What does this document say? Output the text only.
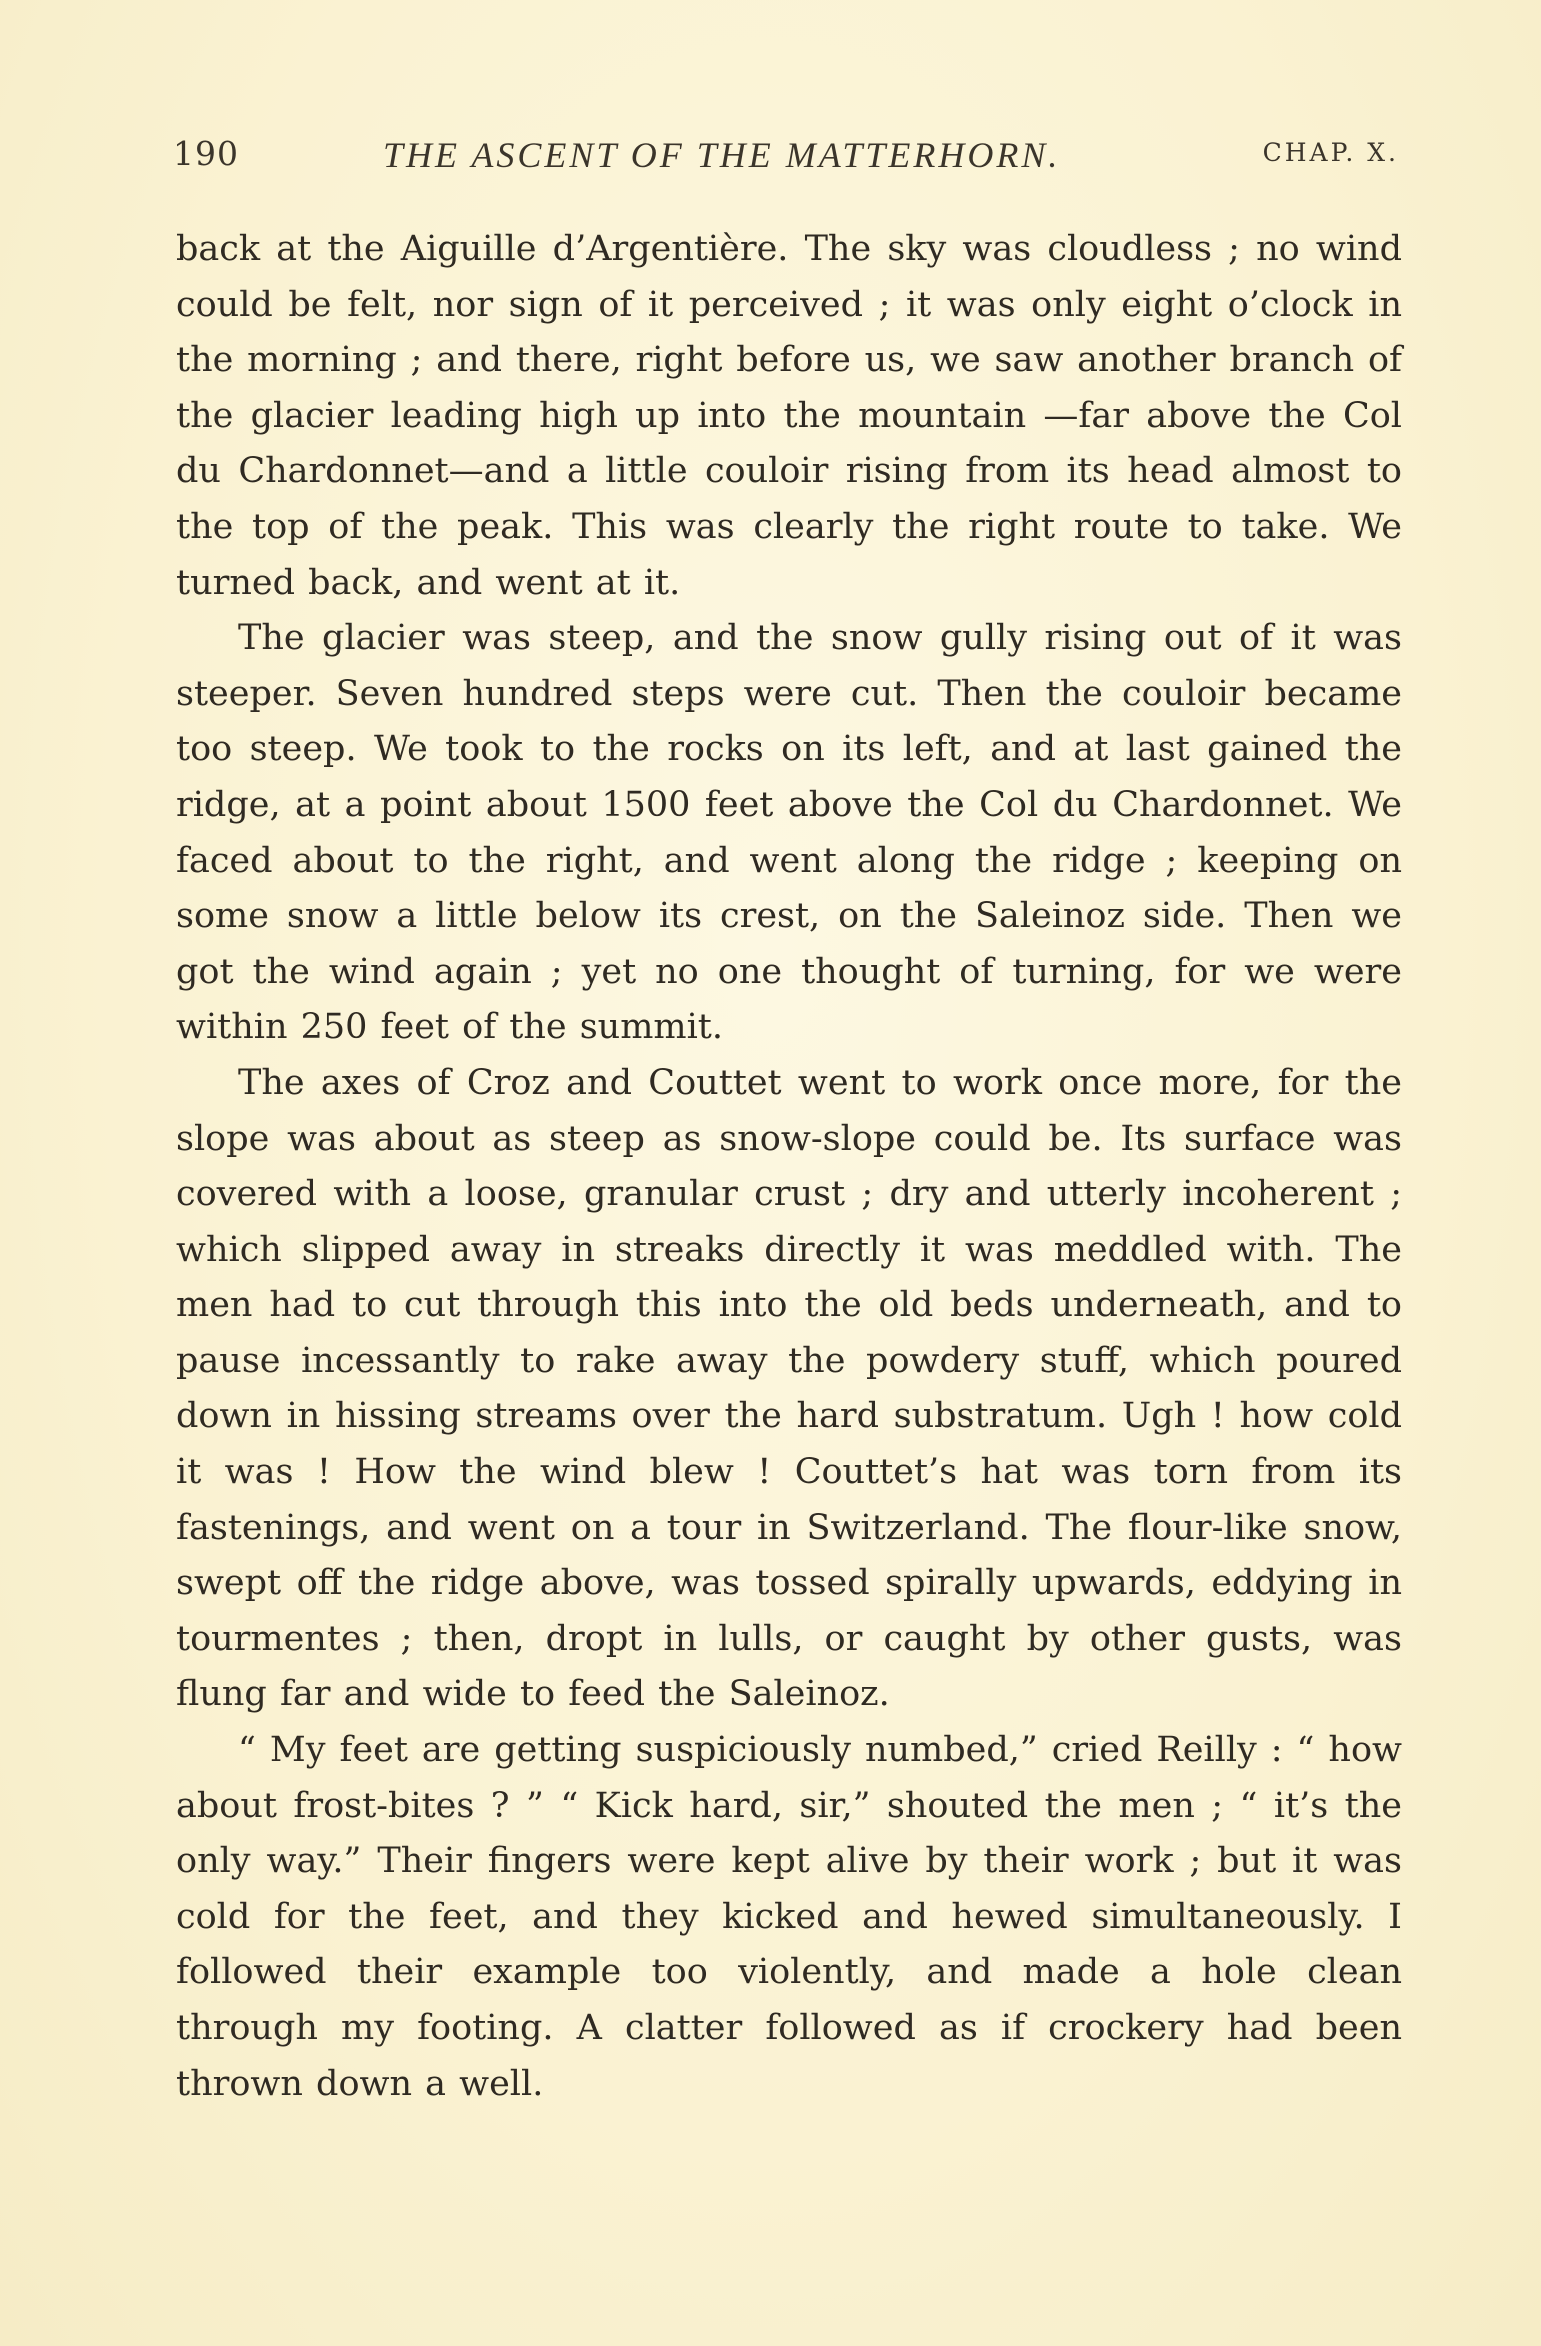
190	THE ASCENT OF THE MATTERHORN.	CHAP. X.

back at the Aiguille d’Argentière. The sky was cloudless ; no wind could be felt, nor sign of it perceived ; it was only eight o’clock in the morning ; and there, right before us, we saw another branch of the glacier leading high up into the mountain —far above the Col du Chardonnet—and a little couloir rising from its head almost to the top of the peak. This was clearly the right route to take. We turned back, and went at it.

The glacier was steep, and the snow gully rising out of it was steeper. Seven hundred steps were cut. Then the couloir became too steep. We took to the rocks on its left, and at last gained the ridge, at a point about 1500 feet above the Col du Chardonnet. We faced about to the right, and went along the ridge ; keeping on some snow a little below its crest, on the Saleinoz side. Then we got the wind again ; yet no one thought of turning, for we were within 250 feet of the summit.

The axes of Croz and Couttet went to work once more, for the slope was about as steep as snow-slope could be. Its surface was covered with a loose, granular crust ; dry and utterly incoherent ; which slipped away in streaks directly it was meddled with. The men had to cut through this into the old beds underneath, and to pause incessantly to rake away the powdery stuff, which poured down in hissing streams over the hard substratum. Ugh ! how cold it was ! How the wind blew ! Couttet’s hat was torn from its fastenings, and went on a tour in Switzerland. The flour-like snow, swept off the ridge above, was tossed spirally upwards, eddying in tourmentes ; then, dropt in lulls, or caught by other gusts, was flung far and wide to feed the Saleinoz.

“ My feet are getting suspiciously numbed,” cried Reilly : “ how about frost-bites ? ” “ Kick hard, sir,” shouted the men ; “ it’s the only way.” Their fingers were kept alive by their work ; but it was cold for the feet, and they kicked and hewed simultaneously. I followed their example too violently, and made a hole clean through my footing. A clatter followed as if crockery had been thrown down a well.
